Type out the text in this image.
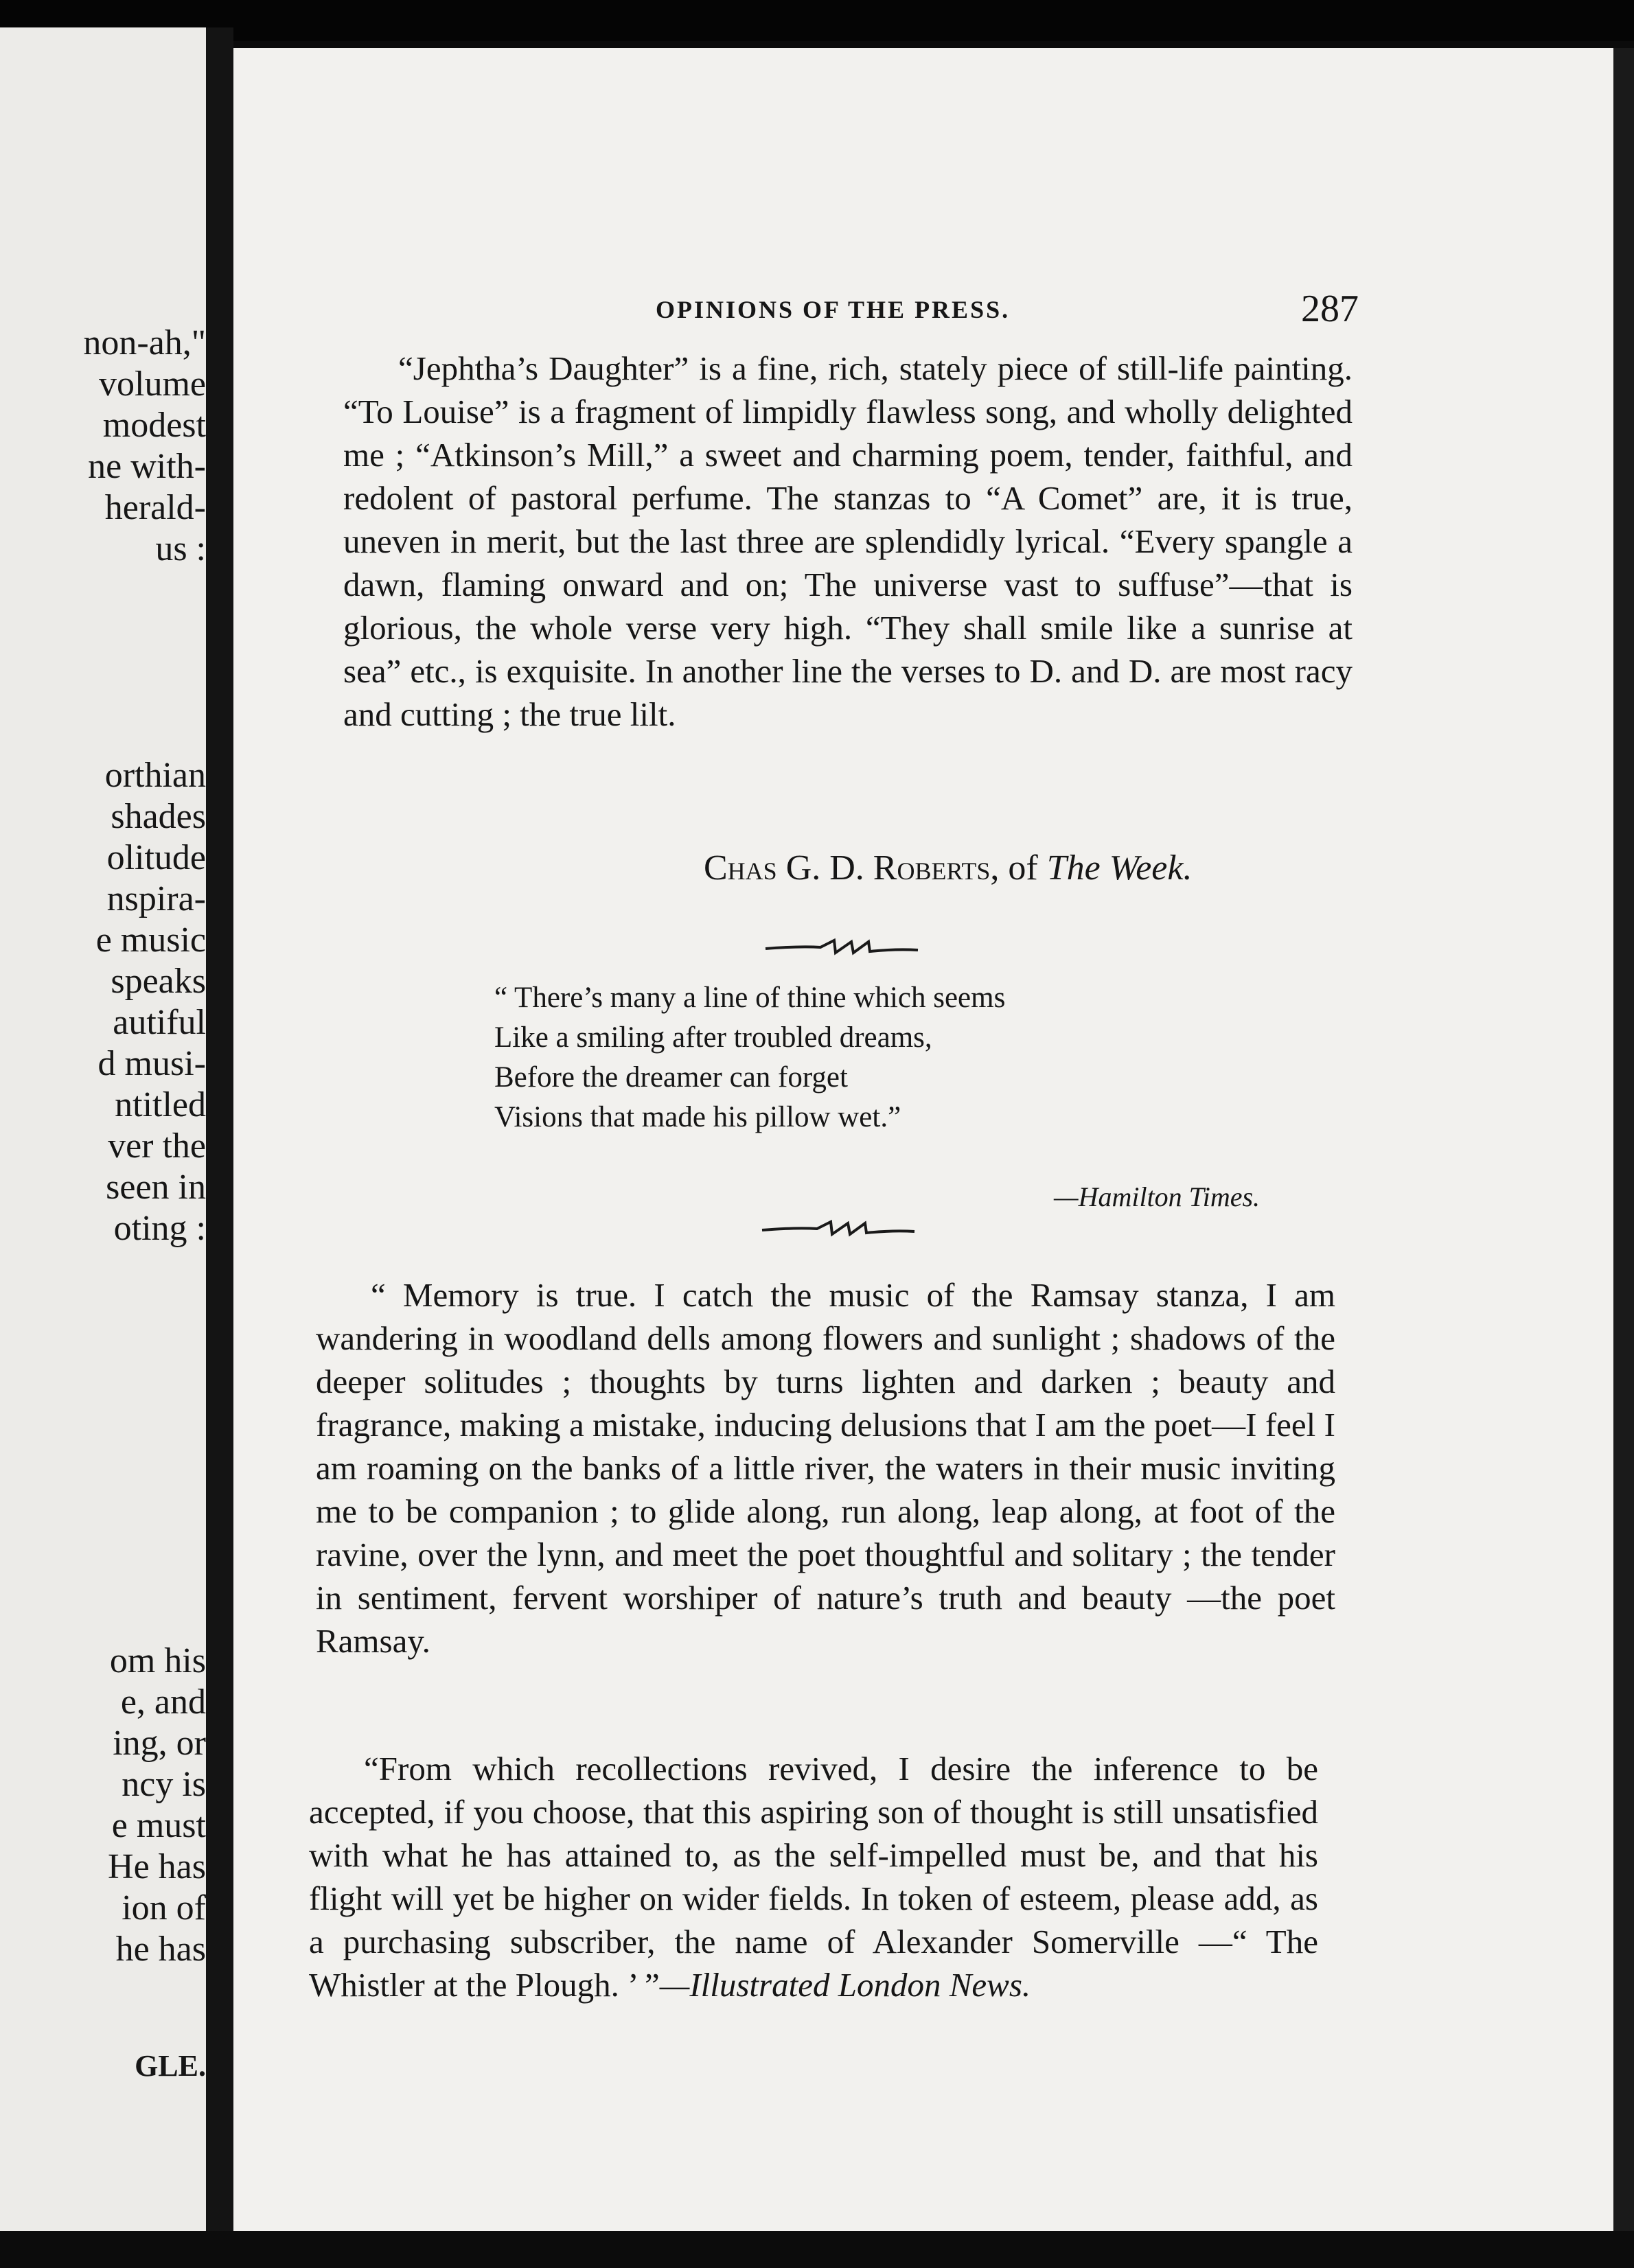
non-ah,"
volume
modest
ne with-
herald-
us :
orthian
shades
olitude
nspira-
e music
speaks
autiful
d musi-
ntitled
ver the
seen in
oting :
om his
e, and
ing, or
ncy is
e must
He has
ion of
he has
GLE.
OPINIONS OF THE PRESS.	287

“Jephtha’s Daughter” is a fine, rich, stately piece of still-life painting. “To Louise” is a fragment of limpidly flawless song, and wholly delighted me ; “Atkinson’s Mill,” a sweet and charming poem, tender, faithful, and redolent of pastoral perfume. The stanzas to “A Comet” are, it is true, uneven in merit, but the last three are splendidly lyrical. “Every spangle a dawn, flaming onward and on; The universe vast to suffuse”—that is glorious, the whole verse very high. “They shall smile like a sunrise at sea” etc., is exquisite. In another line the verses to D. and D. are most racy and cutting ; the true lilt.

Chas G. D. Roberts, of The Week.
“ There’s many a line of thine which seems
Like a smiling after troubled dreams,
Before the dreamer can forget
Visions that made his pillow wet.”
—Hamilton Times.

“ Memory is true. I catch the music of the Ramsay stanza, I am wandering in woodland dells among flowers and sunlight ; shadows of the deeper solitudes ; thoughts by turns lighten and darken ; beauty and fragrance, making a mistake, inducing delusions that I am the poet—I feel I am roaming on the banks of a little river, the waters in their music inviting me to be companion ; to glide along, run along, leap along, at foot of the ravine, over the lynn, and meet the poet thoughtful and solitary ; the tender in sentiment, fervent worshiper of nature’s truth and beauty —the poet Ramsay.

“From which recollections revived, I desire the inference to be accepted, if you choose, that this aspiring son of thought is still unsatisfied with what he has attained to, as the self-impelled must be, and that his flight will yet be higher on wider fields. In token of esteem, please add, as a purchasing subscriber, the name of Alexander Somerville —“ The Whistler at the Plough. ’ ”—Illustrated London News.
